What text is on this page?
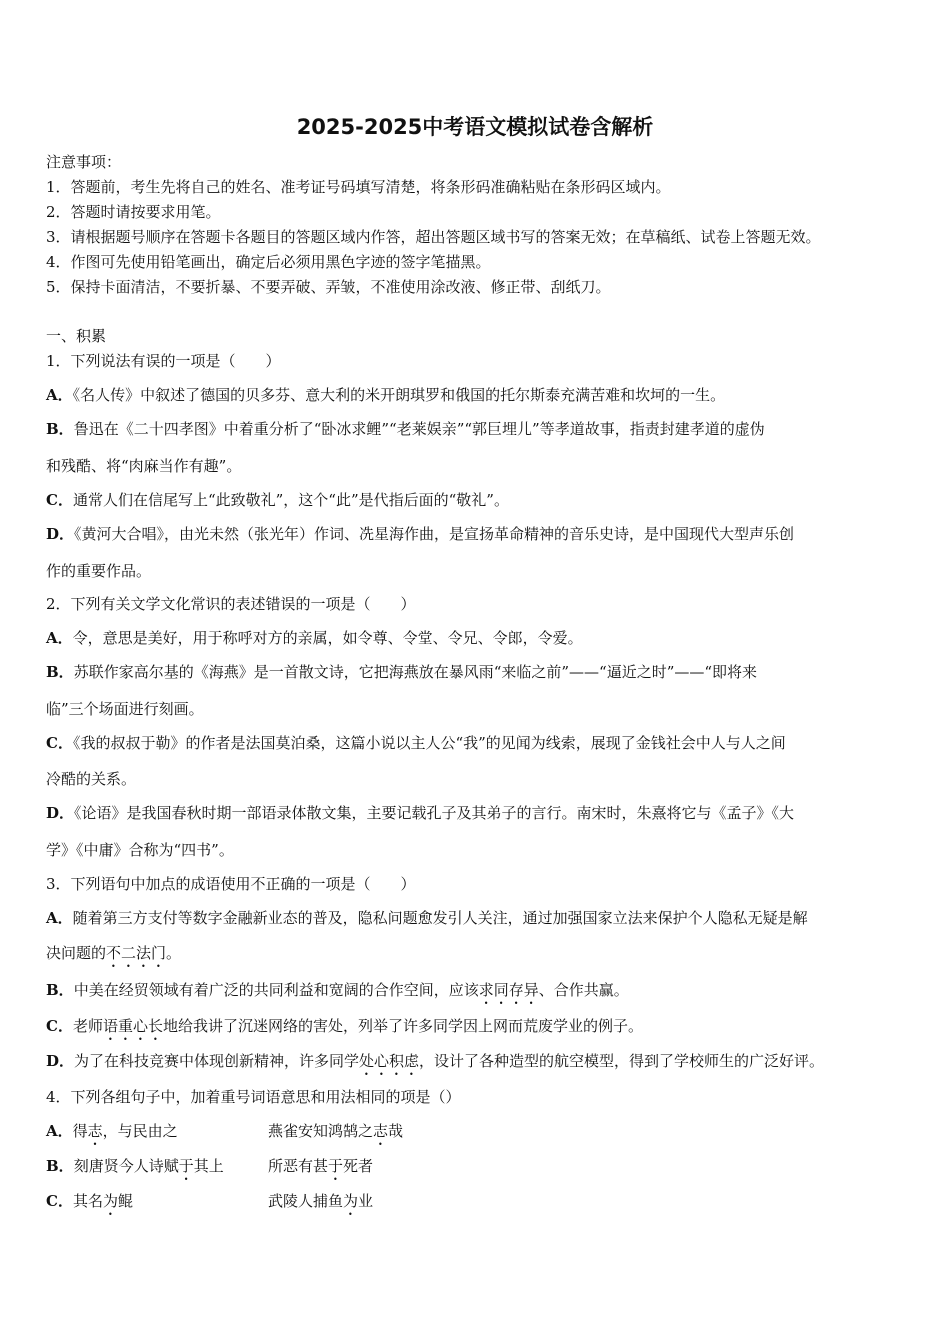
2025-2025中考语文模拟试卷含解析
注意事项：
1．答题前，考生先将自己的姓名、准考证号码填写清楚，将条形码准确粘贴在条形码区域内。
2．答题时请按要求用笔。
3．请根据题号顺序在答题卡各题目的答题区域内作答，超出答题区域书写的答案无效；在草稿纸、试卷上答题无效。
4．作图可先使用铅笔画出，确定后必须用黑色字迹的签字笔描黑。
5．保持卡面清洁，不要折暴、不要弄破、弄皱，不准使用涂改液、修正带、刮纸刀。
一、积累
1．下列说法有误的一项是（　　）
A．《名人传》中叙述了德国的贝多芬、意大利的米开朗琪罗和俄国的托尔斯泰充满苦难和坎坷的一生。
B．鲁迅在《二十四孝图》中着重分析了“卧冰求鲤”“老莱娱亲”“郭巨埋儿”等孝道故事，指责封建孝道的虚伪
和残酷、将“肉麻当作有趣”。
C．通常人们在信尾写上“此致敬礼”，这个“此”是代指后面的“敬礼”。
D．《黄河大合唱》，由光未然（张光年）作词、冼星海作曲，是宣扬革命精神的音乐史诗，是中国现代大型声乐创
作的重要作品。
2．下列有关文学文化常识的表述错误的一项是（　　）
A．令，意思是美好，用于称呼对方的亲属，如令尊、令堂、令兄、令郎，令爱。
B．苏联作家高尔基的《海燕》是一首散文诗，它把海燕放在暴风雨“来临之前”——“逼近之时”——“即将来
临”三个场面进行刻画。
C．《我的叔叔于勒》的作者是法国莫泊桑，这篇小说以主人公“我”的见闻为线索，展现了金钱社会中人与人之间
冷酷的关系。
D．《论语》是我国春秋时期一部语录体散文集，主要记载孔子及其弟子的言行。南宋时，朱熹将它与《孟子》《大
学》《中庸》合称为“四书”。
3．下列语句中加点的成语使用不正确的一项是（　　）
A．随着第三方支付等数字金融新业态的普及，隐私问题愈发引人关注，通过加强国家立法来保护个人隐私无疑是解
决问题的不二法门。
B．中美在经贸领域有着广泛的共同利益和宽阔的合作空间，应该求同存异、合作共赢。
C．老师语重心长地给我讲了沉迷网络的害处，列举了许多同学因上网而荒废学业的例子。
D．为了在科技竞赛中体现创新精神，许多同学处心积虑，设计了各种造型的航空模型，得到了学校师生的广泛好评。
4．下列各组句子中，加着重号词语意思和用法相同的项是（）
A．得志，与民由之	燕雀安知鸿鹄之志哉
B．刻唐贤今人诗赋于其上	所恶有甚于死者
C．其名为鲲	武陵人捕鱼为业
